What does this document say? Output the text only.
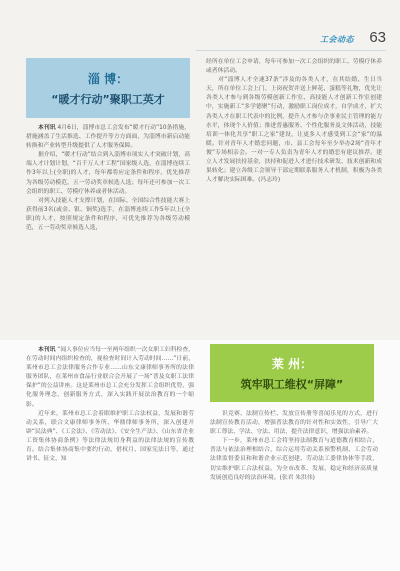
工会动态 63
淄 博：
“暖才行动”聚职工英才

本刊讯 4月6日，淄博市总工会发布“暖才行动”10条措施，措施涵盖了生活推选、工作提升等方方面面，为淄博市新启动能转换和产业转型升级提供了人才服务保障。

据介绍，“暖才行动”结合到入淄博市项实人才突破计划，高端人才计划计划，“百千万人才工程”国家级人选，在淄博连续工作3年以上(全职)的人才，每年都将应定条件和程序，优先推荐为各级劳动模范，五一劳动奖章候选人选；每年还可参加一次工会组织的职工、劳模疗休养或者休活动。

对列入技能人才支撑计划，在国际、全国综合性技能大赛上获得前3名(或金、银、铜奖)选手，在淄博连续工作5年以上(全职)的人才，按照规定条件和程序，可优先推荐为各级劳动模范，五一劳动奖章候选人选，

经所在单位工会申请，每年可参加一次工会组织的职工、劳模疗休养或者休活动。

对“淄博人才全速37条”涉及的各类人才，在其结婚、生日当天，所在单位工会上门、上岗祝贺并送上鲜花、蛋糕等礼物，优先让各类人才参与到各级劳模创新工作室、高技能人才创新工作室创建中，实施新工“多学德聚”行动，激励职工岗位成才，自学成才，扩大各类人才在职工代表中的比例，提升人才参与企事业民主管理的能力水平，体现个人价值；推进普惠服务、个性化服务及文体活动，技能培训一体化共享“职工之家”建设，让更多人才感受到工会“家”的温暖。针对青年人才婚恋问题，市、县工会每年至少举办2场“青年才俊”专场相亲会。一对一专人负责为青年人才的婚恋有建议推荐。建立人才发展扶持基金，扶持和促进人才进行技术研发、技术创新和成果转化；建立各级工会领导干部定期联系服务人才机制，积极为各类人才解决实际困难。(冯志玲)

本刊讯 “闻人事位应当每一至两年组织一次女职工妇科检查，在劳动时间内组织检查的，视检查时间计入劳动时间……”日前，莱州市总工会法律服务合作专业……山东文康律师事务所的法律服务团队，在莱州市食品行业联合会开展了一场“普及女职工法律保护”的公益讲座。这是莱州市总工会充分发挥工会组织优势，强化服务理念，创新服务方式，深入实践开展法治教育的一个缩影。

近年来，莱州市总工会着眼维护职工合法权益，发展和谐劳动关系，联合文康律师事务所、华鼎律师事务所，深入创建开辟“民法典”、《工会法》、《劳动法》、《安全生产法》、《山东省企业工资集体协商条例》等法律法规切身利益的法律法规的宣传教育。结合集体协商集中要约行动，借权月、国家宪法日等，通过讲书、征文、知

莱 州：
筑牢职工维权“屏障”

识竞赛、法制宣传栏、发放宣传册等喜闻乐见的方式，进行法制宣传教育活动，增强普法教育的针对性和实效性，引导广大职工尊法、学法、守法、用法，提升法律意识，增强法治素养。

下一步，莱州市总工会将坚持法制教育与道德教育相结合，普法与依法治理相结合，综合运用劳动关系预警机制、工会劳动法律监督委员和和谐企业示范创建、劳动法工委律协体等手段，切实维护职工合法权益。为全市改革、发展、稳定和经济高质量发展创造良好的法治环境。(张君 朱洪伟)
